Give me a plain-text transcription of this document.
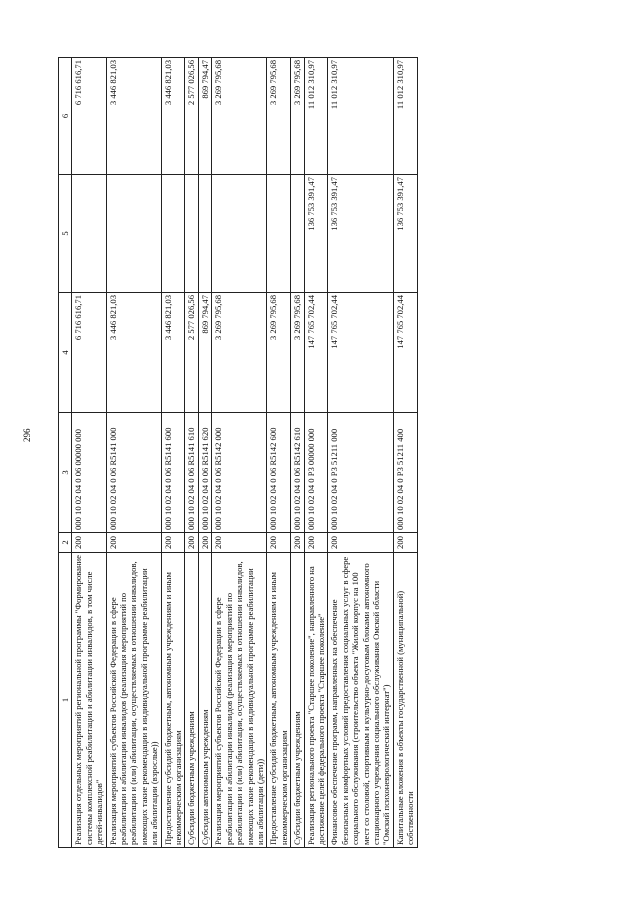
296
1	2	3	4	5	6
Реализация отдельных мероприятий региональной программы "Формирование системы комплексной реабилитации и абилитации инвалидов, в том числе детей-инвалидов"	200	000 10 02 04 0 06 00000 000	6 716 616,71		6 716 616,71
Реализация мероприятий субъектов Российской Федерации в сфере реабилитации и абилитации инвалидов (реализация мероприятий по реабилитации и (или) абилитации, осуществляемых в отношении инвалидов, имеющих такие рекомендации в индивидуальной программе реабилитации или абилитации (взрослые))	200	000 10 02 04 0 06 R5141 000	3 446 821,03		3 446 821,03
Предоставление субсидий бюджетным, автономным учреждениям и иным некоммерческим организациям	200	000 10 02 04 0 06 R5141 600	3 446 821,03		3 446 821,03
Субсидии бюджетным учреждениям	200	000 10 02 04 0 06 R5141 610	2 577 026,56		2 577 026,56
Субсидии автономным учреждениям	200	000 10 02 04 0 06 R5141 620	869 794,47		869 794,47
Реализация мероприятий субъектов Российской Федерации в сфере реабилитации и абилитации инвалидов (реализация мероприятий по реабилитации и (или) абилитации, осуществляемых в отношении инвалидов, имеющих такие рекомендации в индивидуальной программе реабилитации или абилитации (дети))	200	000 10 02 04 0 06 R5142 000	3 269 795,68		3 269 795,68
Предоставление субсидий бюджетным, автономным учреждениям и иным некоммерческим организациям	200	000 10 02 04 0 06 R5142 600	3 269 795,68		3 269 795,68
Субсидии бюджетным учреждениям	200	000 10 02 04 0 06 R5142 610	3 269 795,68		3 269 795,68
Реализация регионального проекта "Старшее поколение", направленного на достижение целей федерального проекта "Старшее поколение"	200	000 10 02 04 0 P3 00000 000	147 765 702,44	136 753 391,47	11 012 310,97
Финансовое обеспечение программ, направленных на обеспечение безопасных и комфортных условий предоставления социальных услуг в сфере социального обслуживания (строительство объекта "Жилой корпус на 100 мест со столовой, спортивным и культурно-досуговым блоками автономного стационарного учреждения социального обслуживания Омской области "Омский психоневрологический интернат")	200	000 10 02 04 0 P3 51211 000	147 765 702,44	136 753 391,47	11 012 310,97
Капитальные вложения в объекты государственной (муниципальной) собственности	200	000 10 02 04 0 P3 51211 400	147 765 702,44	136 753 391,47	11 012 310,97
